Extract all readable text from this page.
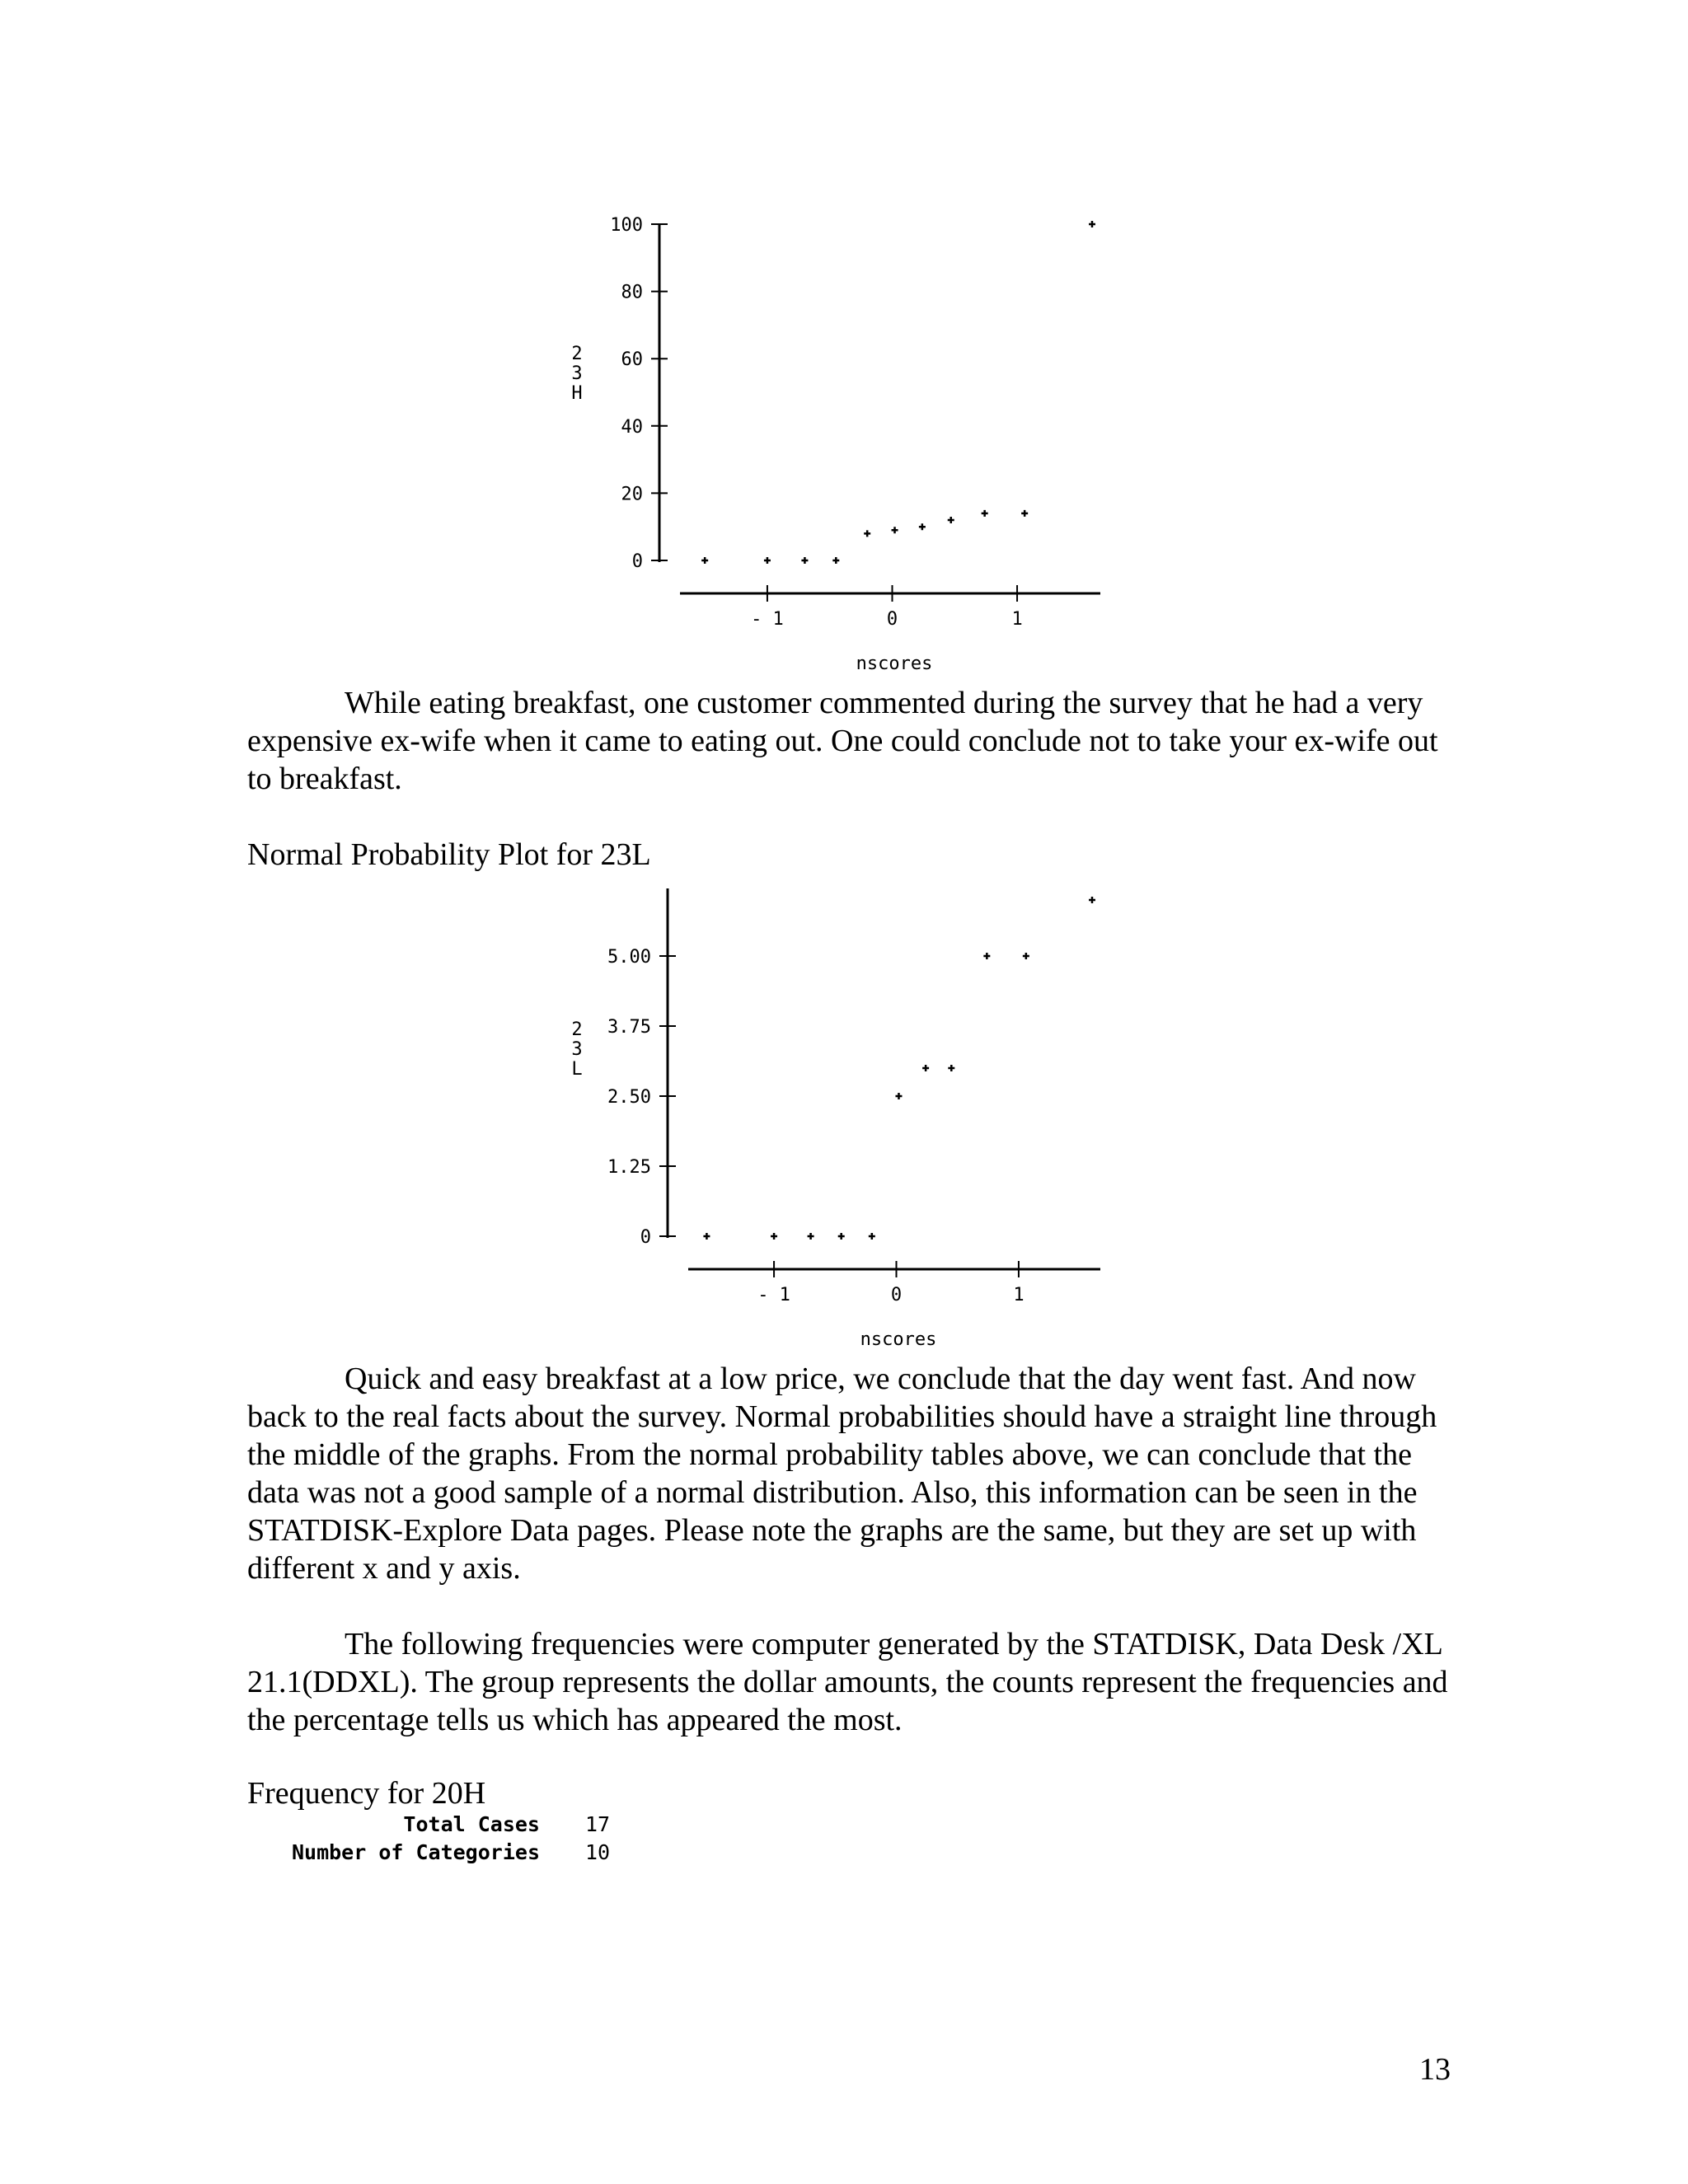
0
20
40
60
80
100
- 1	0	1
nscores
2
3
H

While eating breakfast, one customer commented during the survey that he had a very expensive ex-wife when it came to eating out. One could conclude not to take your ex-wife out to breakfast.

Normal Probability Plot for 23L

0
1.25
2.50
3.75
5.00
- 1	0	1
nscores
2
3
L

Quick and easy breakfast at a low price, we conclude that the day went fast. And now back to the real facts about the survey. Normal probabilities should have a straight line through the middle of the graphs. From the normal probability tables above, we can conclude that the data was not a good sample of a normal distribution. Also, this information can be seen in the STATDISK-Explore Data pages. Please note the graphs are the same, but they are set up with different x and y axis.

The following frequencies were computer generated by the STATDISK, Data Desk /XL 21.1(DDXL). The group represents the dollar amounts, the counts represent the frequencies and the percentage tells us which has appeared the most.

Frequency for 20H

Total Cases 17
Number of Categories 10
13
